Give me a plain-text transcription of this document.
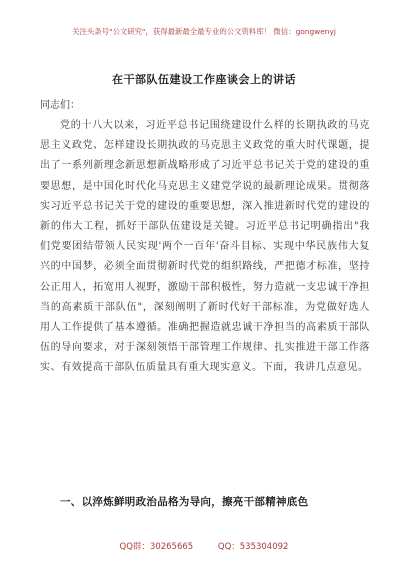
关注头条号"公文研究"，获得最新最全最专业的公文资料库！ 微信：gongwenyj
在干部队伍建设工作座谈会上的讲话
同志们：

党的十八大以来，习近平总书记围绕建设什么样的长期执政的马克思主义政党、怎样建设长期执政的马克思主义政党的重大时代课题，提出了一系列新理念新思想新战略形成了习近平总书记关于党的建设的重要思想，是中国化时代化马克思主义建党学说的最新理论成果。贯彻落实习近平总书记关于党的建设的重要思想，深入推进新时代党的建设的新的伟大工程，抓好干部队伍建设是关键。习近平总书记明确指出"我们党要团结带领人民实现'两个一百年'奋斗目标、实现中华民族伟大复兴的中国梦，必须全面贯彻新时代党的组织路线，严把德才标准，坚持公正用人，拓宽用人视野，激励干部积极性，努力造就一支忠诚干净担当的高素质干部队伍"，深刻阐明了新时代好干部标准，为党做好选人用人工作提供了基本遵循。准确把握造就忠诚干净担当的高素质干部队伍的导向要求，对于深刻领悟干部管理工作规律、扎实推进干部工作落实、有效提高干部队伍质量具有重大现实意义。下面，我讲几点意见。

一、以淬炼鲜明政治品格为导向，擦亮干部精神底色
QQ群：30265665	QQ：535304092
